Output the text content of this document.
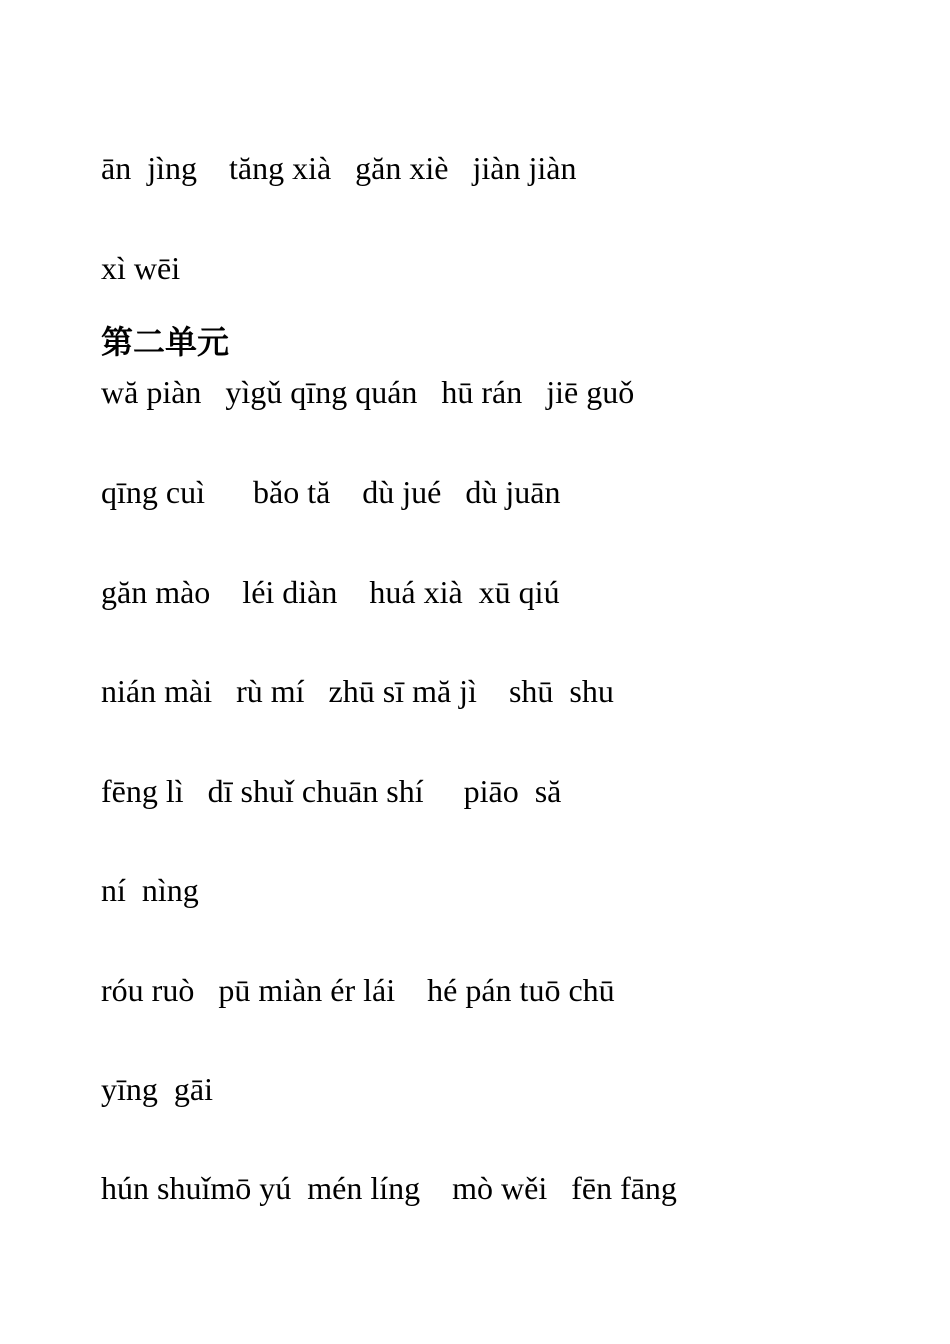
ān  jìng    tăng xià   găn xiè   jiàn jiàn
xì wēi
第二单元
wă piàn   yìgǔ qīng quán   hū rán   jiē guǒ
qīng cuì      bǎo tă    dù jué   dù juān
găn mào    léi diàn    huá xià  xū qiú
nián mài   rù mí   zhū sī mă jì    shū  shu
fēng lì   dī shuǐ chuān shí     piāo  să
ní  nìng
róu ruò   pū miàn ér lái    hé pán tuō chū
yīng  gāi
hún shuǐmō yú  mén líng    mò wěi   fēn fāng
